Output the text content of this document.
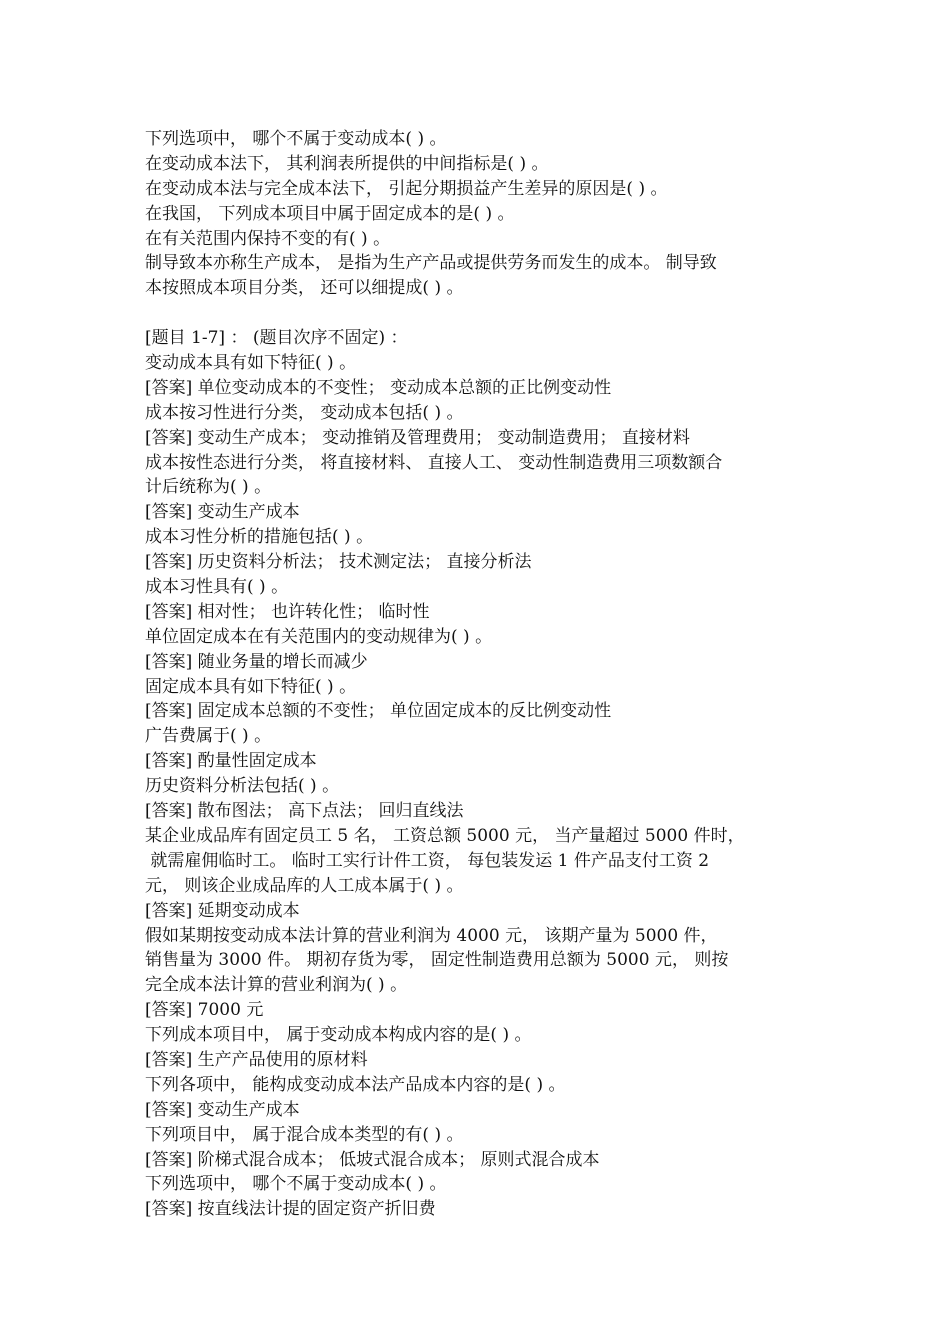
下列选项中， 哪个不属于变动成本( ) 。
在变动成本法下， 其利润表所提供的中间指标是( ) 。
在变动成本法与完全成本法下， 引起分期损益产生差异的原因是( ) 。
在我国， 下列成本项目中属于固定成本的是( ) 。
在有关范围内保持不变的有( ) 。
制导致本亦称生产成本， 是指为生产产品或提供劳务而发生的成本。 制导致
本按照成本项目分类， 还可以细提成( ) 。
[题目 1-7] ： (题目次序不固定) ：
变动成本具有如下特征( ) 。
[答案] 单位变动成本的不变性； 变动成本总额的正比例变动性
成本按习性进行分类， 变动成本包括( ) 。
[答案] 变动生产成本； 变动推销及管理费用； 变动制造费用； 直接材料
成本按性态进行分类， 将直接材料、 直接人工、 变动性制造费用三项数额合
计后统称为( ) 。
[答案] 变动生产成本
成本习性分析的措施包括( ) 。
[答案] 历史资料分析法； 技术测定法； 直接分析法
成本习性具有( ) 。
[答案] 相对性； 也许转化性； 临时性
单位固定成本在有关范围内的变动规律为( ) 。
[答案] 随业务量的增长而减少
固定成本具有如下特征( ) 。
[答案] 固定成本总额的不变性； 单位固定成本的反比例变动性
广告费属于( ) 。
[答案] 酌量性固定成本
历史资料分析法包括( ) 。
[答案] 散布图法； 高下点法； 回归直线法
某企业成品库有固定员工 5 名， 工资总额 5000 元， 当产量超过 5000 件时，
就需雇佣临时工。 临时工实行计件工资， 每包装发运 1 件产品支付工资 2
元， 则该企业成品库的人工成本属于( ) 。
[答案] 延期变动成本
假如某期按变动成本法计算的营业利润为 4000 元， 该期产量为 5000 件，
销售量为 3000 件。 期初存货为零， 固定性制造费用总额为 5000 元， 则按
完全成本法计算的营业利润为( ) 。
[答案] 7000 元
下列成本项目中， 属于变动成本构成内容的是( ) 。
[答案] 生产产品使用的原材料
下列各项中， 能构成变动成本法产品成本内容的是( ) 。
[答案] 变动生产成本
下列项目中， 属于混合成本类型的有( ) 。
[答案] 阶梯式混合成本； 低坡式混合成本； 原则式混合成本
下列选项中， 哪个不属于变动成本( ) 。
[答案] 按直线法计提的固定资产折旧费
